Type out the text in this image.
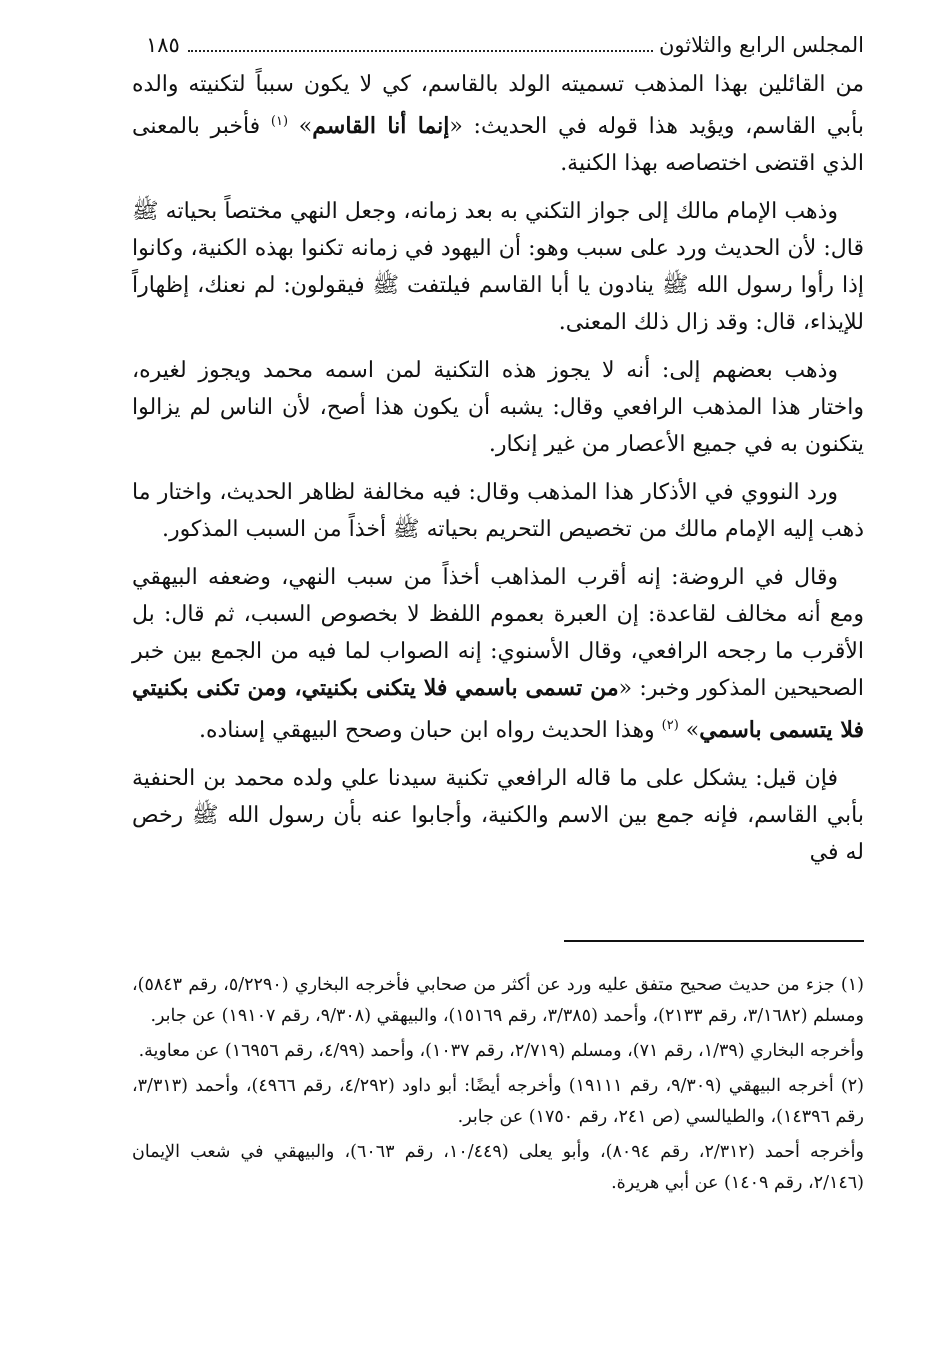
المجلس الرابع والثلاثون
١٨٥

من القائلين بهذا المذهب تسميته الولد بالقاسم، كي لا يكون سبباً لتكنيته والده بأبي القاسم، ويؤيد هذا قوله في الحديث: «إنما أنا القاسم» $^{(١)}$ فأخبر بالمعنى الذي اقتضى اختصاصه بهذا الكنية.

وذهب الإمام مالك إلى جواز التكني به بعد زمانه، وجعل النهي مختصاً بحياته ﷺ قال: لأن الحديث ورد على سبب وهو: أن اليهود في زمانه تكنوا بهذه الكنية، وكانوا إذا رأوا رسول الله ﷺ ينادون يا أبا القاسم فيلتفت ﷺ فيقولون: لم نعنك، إظهاراً للإيذاء، قال: وقد زال ذلك المعنى.

وذهب بعضهم إلى: أنه لا يجوز هذه التكنية لمن اسمه محمد ويجوز لغيره، واختار هذا المذهب الرافعي وقال: يشبه أن يكون هذا أصح، لأن الناس لم يزالوا يتكنون به في جميع الأعصار من غير إنكار.

ورد النووي في الأذكار هذا المذهب وقال: فيه مخالفة لظاهر الحديث، واختار ما ذهب إليه الإمام مالك من تخصيص التحريم بحياته ﷺ أخذاً من السبب المذكور.

وقال في الروضة: إنه أقرب المذاهب أخذاً من سبب النهي، وضعفه البيهقي ومع أنه مخالف لقاعدة: إن العبرة بعموم اللفظ لا بخصوص السبب، ثم قال: بل الأقرب ما رجحه الرافعي، وقال الأسنوي: إنه الصواب لما فيه من الجمع بين خبر الصحيحين المذكور وخبر: «من تسمى باسمي فلا يتكنى بكنيتي، ومن تكنى بكنيتي فلا يتسمى باسمي» $^{(٢)}$ وهذا الحديث رواه ابن حبان وصحح البيهقي إسناده.

فإن قيل: يشكل على ما قاله الرافعي تكنية سيدنا علي ولده محمد بن الحنفية بأبي القاسم، فإنه جمع بين الاسم والكنية، وأجابوا عنه بأن رسول الله ﷺ رخص له في

(١) جزء من حديث صحيح متفق عليه ورد عن أكثر من صحابي فأخرجه البخاري (٥/٢٢٩٠، رقم ٥٨٤٣)، ومسلم (٣/١٦٨٢، رقم ٢١٣٣)، وأحمد (٣/٣٨٥، رقم ١٥١٦٩)، والبيهقي (٩/٣٠٨، رقم ١٩١٠٧) عن جابر.

وأخرجه البخاري (١/٣٩، رقم ٧١)، ومسلم (٢/٧١٩، رقم ١٠٣٧)، وأحمد (٤/٩٩، رقم ١٦٩٥٦) عن معاوية.

(٢) أخرجه البيهقي (٩/٣٠٩، رقم ١٩١١١) وأخرجه أيضًا: أبو داود (٤/٢٩٢، رقم ٤٩٦٦)، وأحمد (٣/٣١٣، رقم ١٤٣٩٦)، والطيالسي (ص ٢٤١، رقم ١٧٥٠) عن جابر.

وأخرجه أحمد (٢/٣١٢، رقم ٨٠٩٤)، وأبو يعلى (١٠/٤٤٩، رقم ٦٠٦٣)، والبيهقي في شعب الإيمان (٢/١٤٦، رقم ١٤٠٩) عن أبي هريرة.
